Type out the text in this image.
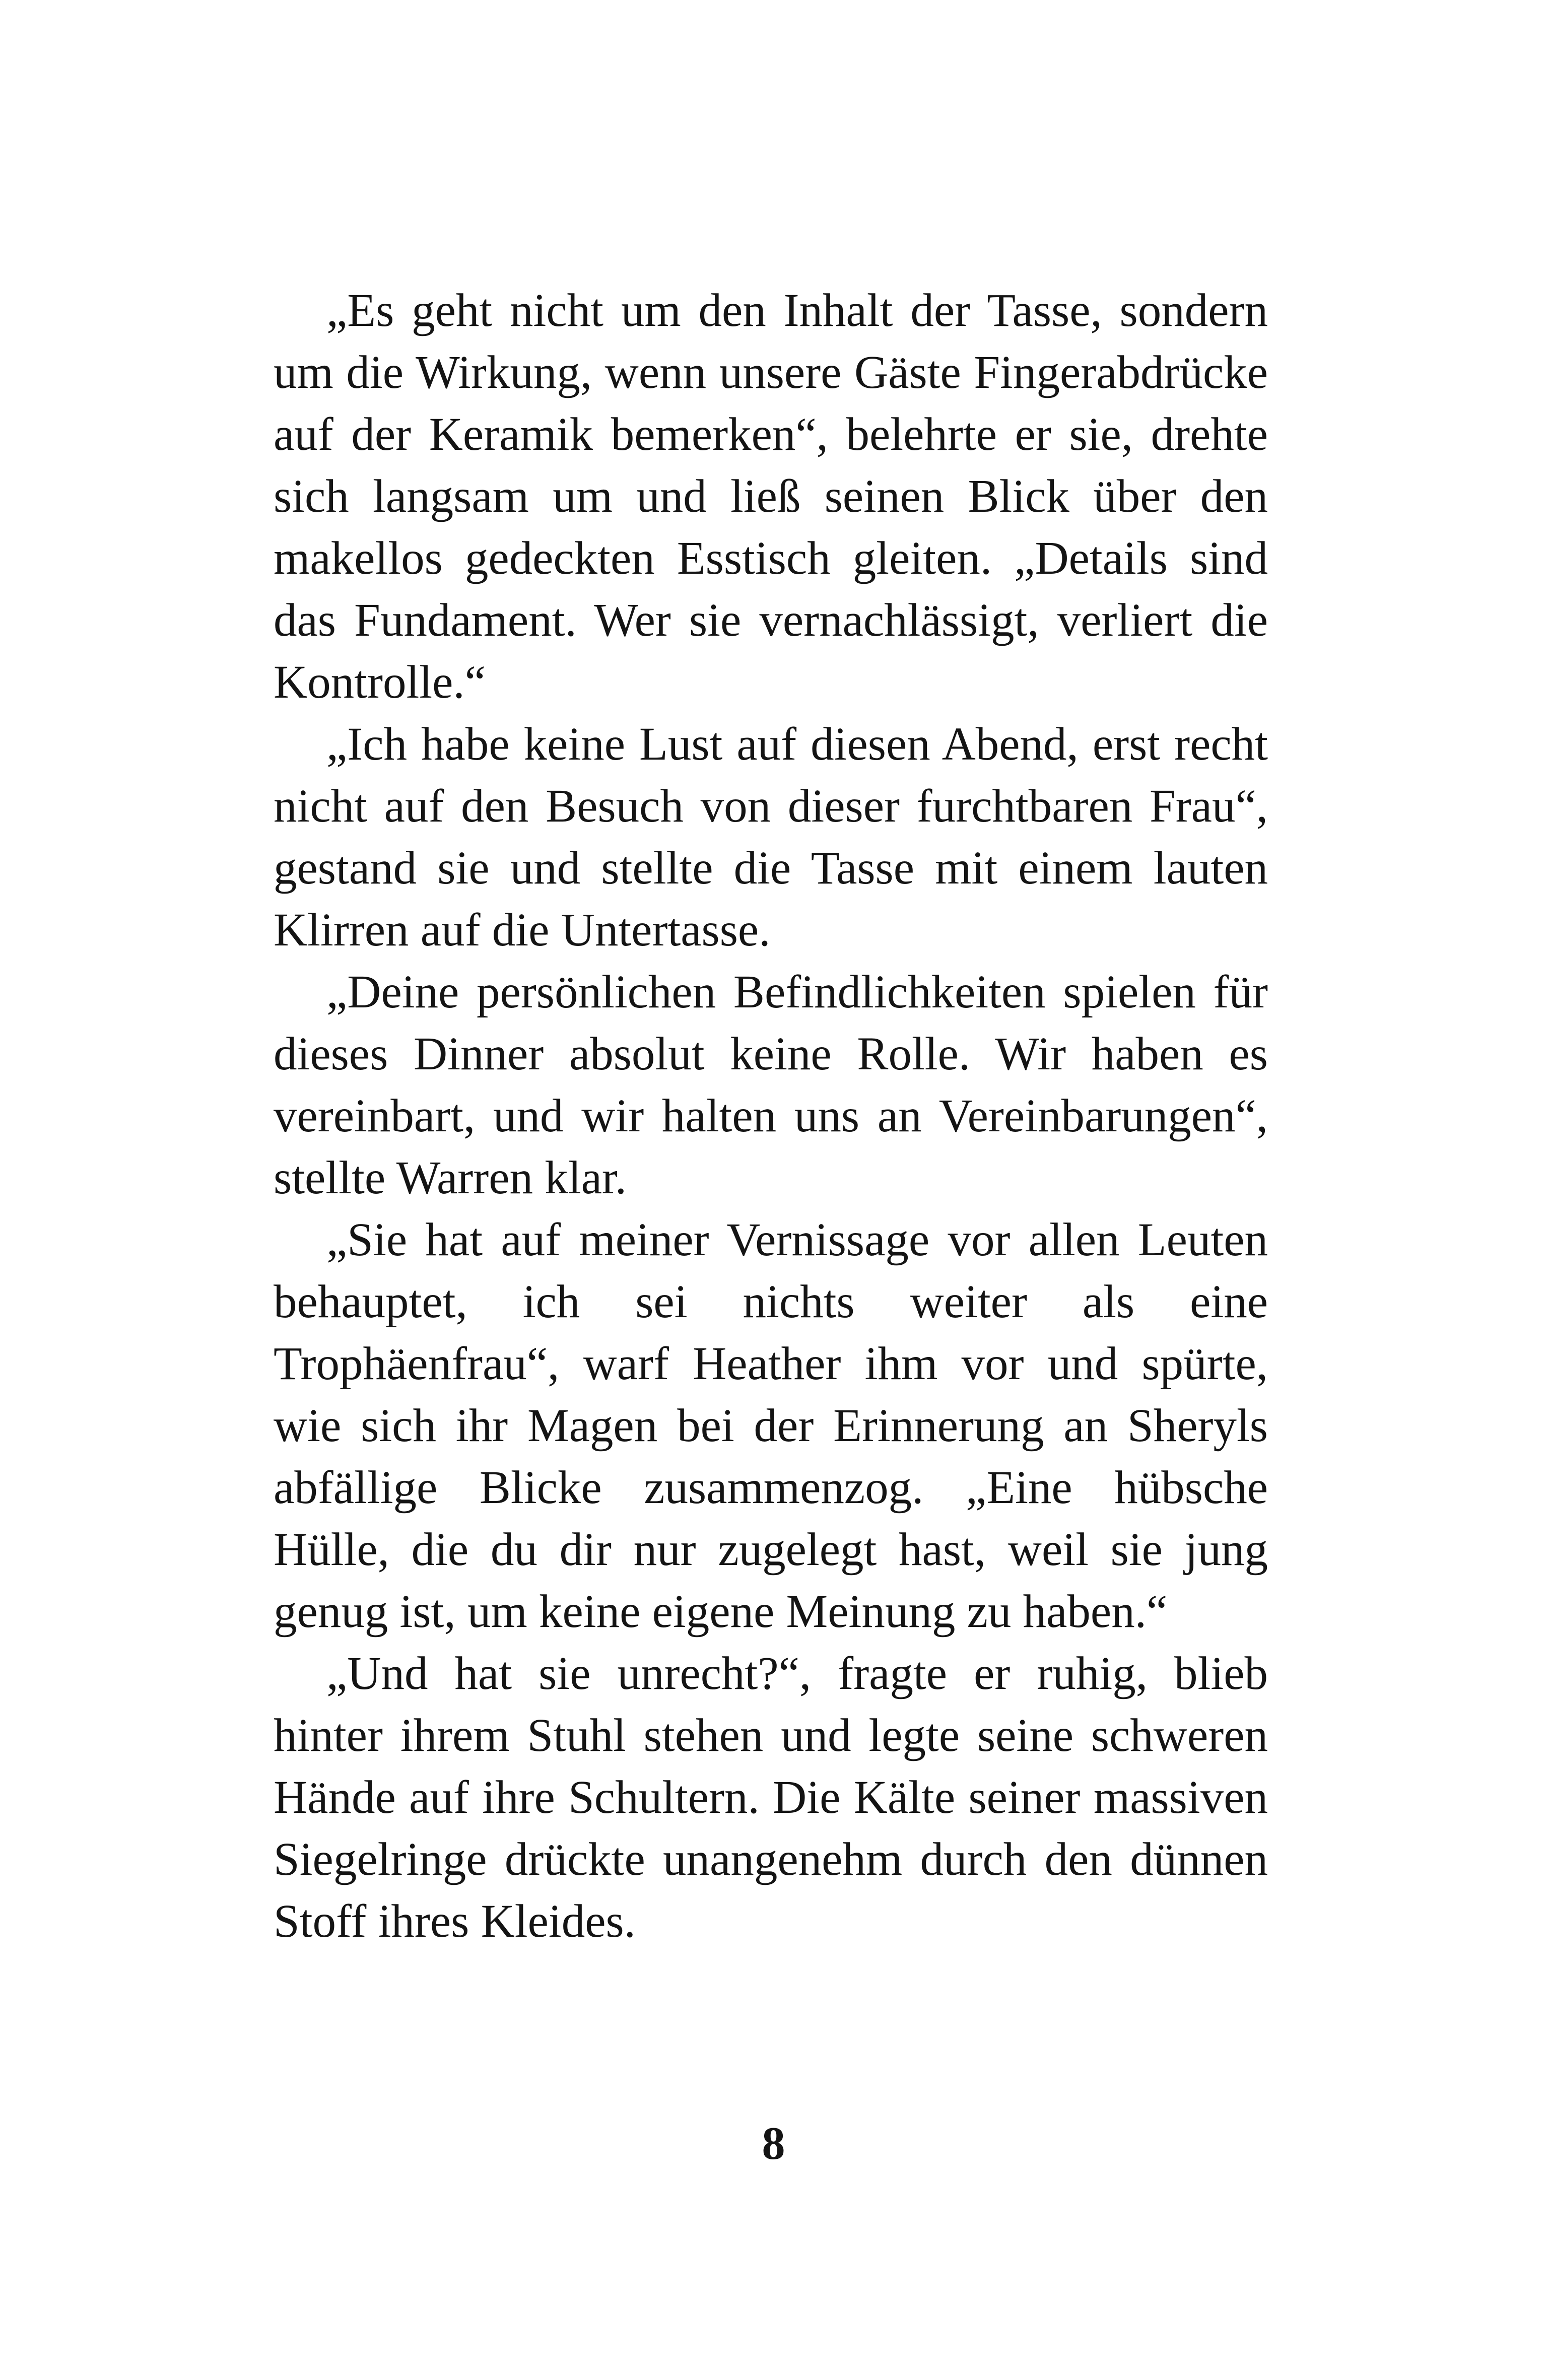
„Es geht nicht um den Inhalt der Tasse, sondern um die Wirkung, wenn unsere Gäste Fingerabdrücke auf der Keramik bemerken“, belehrte er sie, drehte sich langsam um und ließ seinen Blick über den makellos gedeckten Esstisch gleiten. „Details sind das Fundament. Wer sie vernachlässigt, verliert die Kontrolle.“

„Ich habe keine Lust auf diesen Abend, erst recht nicht auf den Besuch von dieser furchtbaren Frau“, gestand sie und stellte die Tasse mit einem lauten Klirren auf die Untertasse.

„Deine persönlichen Befindlichkeiten spielen für dieses Dinner absolut keine Rolle. Wir haben es vereinbart, und wir halten uns an Vereinbarungen“, stellte Warren klar.

„Sie hat auf meiner Vernissage vor allen Leuten behauptet, ich sei nichts weiter als eine Trophäenfrau“, warf Heather ihm vor und spürte, wie sich ihr Magen bei der Erinnerung an Sheryls abfällige Blicke zusammenzog. „Eine hübsche Hülle, die du dir nur zugelegt hast, weil sie jung genug ist, um keine eigene Meinung zu haben.“

„Und hat sie unrecht?“, fragte er ruhig, blieb hinter ihrem Stuhl stehen und legte seine schweren Hände auf ihre Schultern. Die Kälte seiner massiven Siegelringe drückte unangenehm durch den dünnen Stoff ihres Kleides.

8
